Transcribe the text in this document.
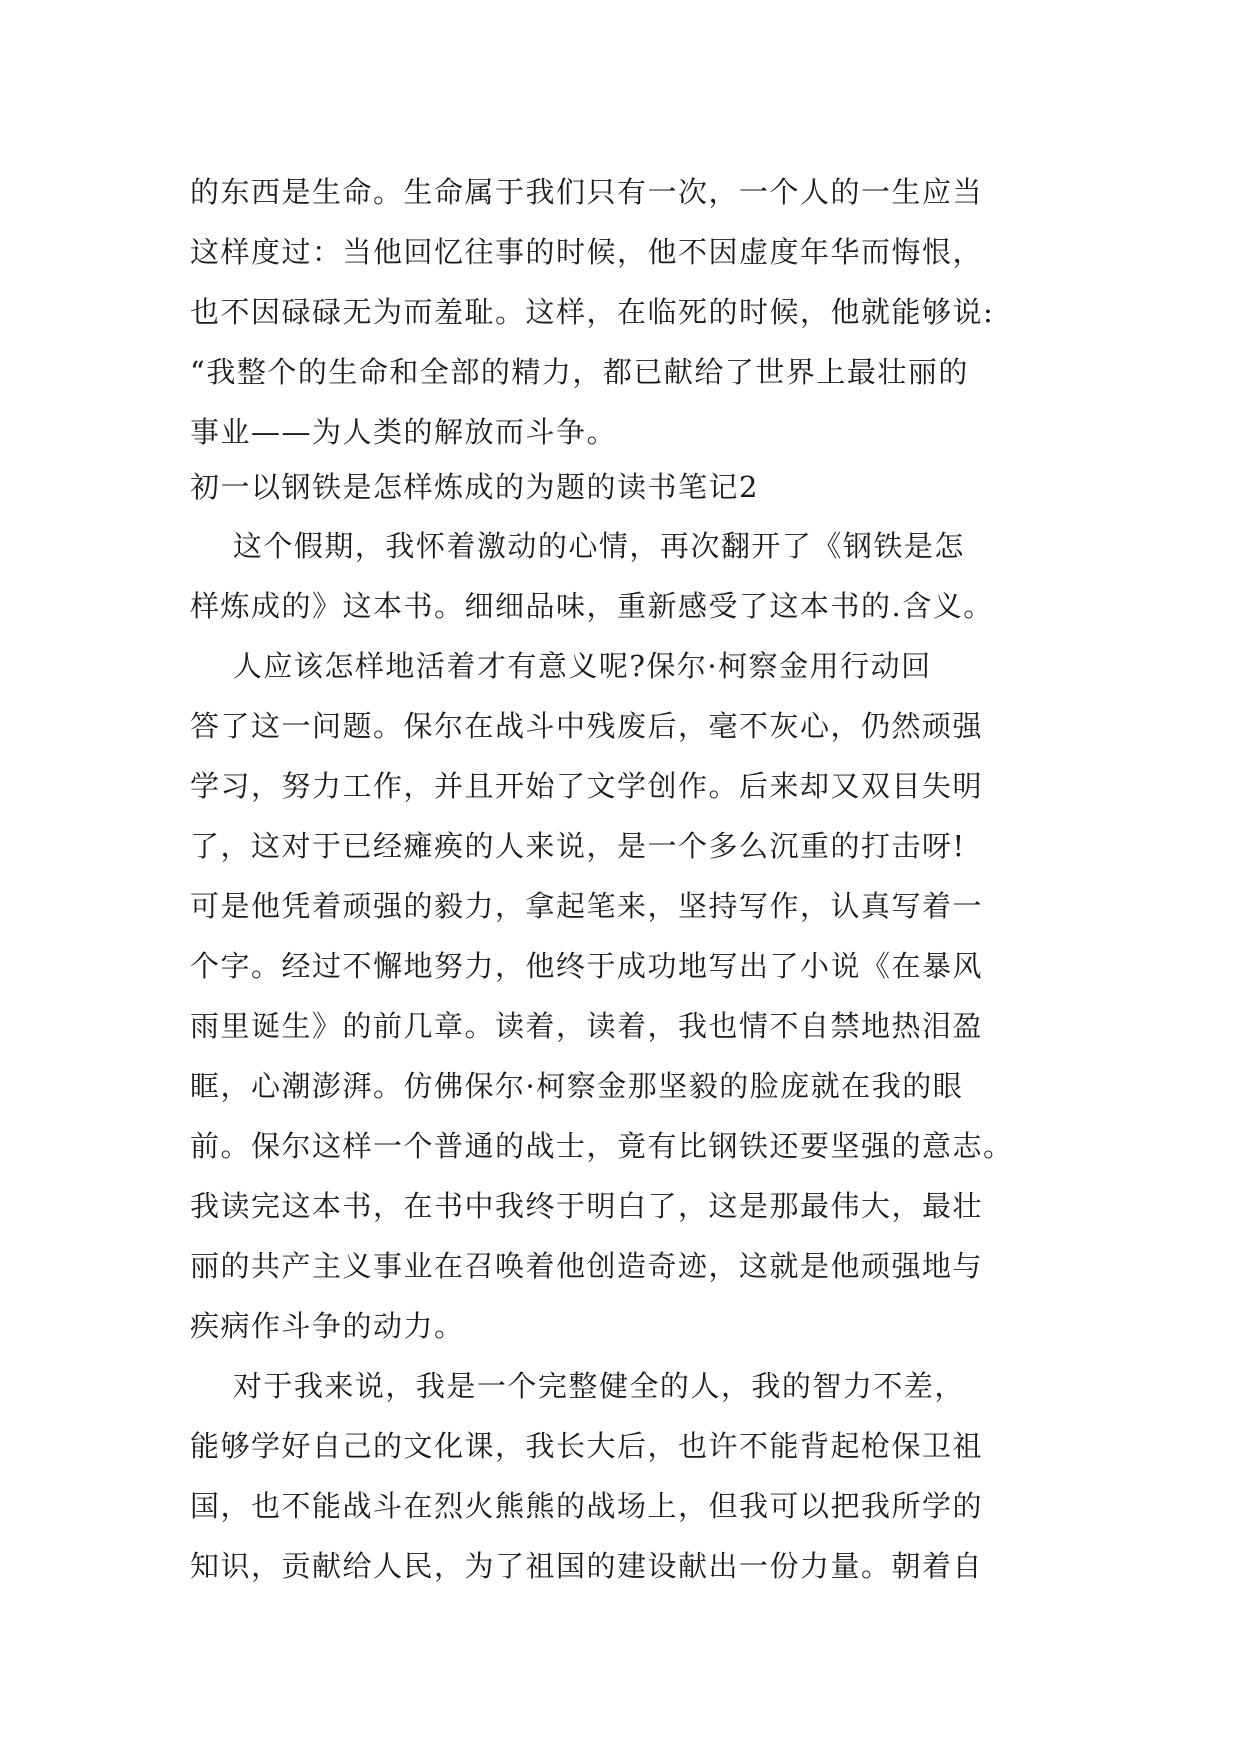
的东西是生命。生命属于我们只有一次，一个人的一生应当
这样度过：当他回忆往事的时候，他不因虚度年华而悔恨，
也不因碌碌无为而羞耻。这样，在临死的时候，他就能够说:
“我整个的生命和全部的精力，都已献给了世界上最壮丽的
事业——为人类的解放而斗争。
初一以钢铁是怎样炼成的为题的读书笔记2
这个假期，我怀着激动的心情，再次翻开了《钢铁是怎
样炼成的》这本书。细细品味，重新感受了这本书的.含义。
人应该怎样地活着才有意义呢?保尔·柯察金用行动回
答了这一问题。保尔在战斗中残废后，毫不灰心，仍然顽强
学习，努力工作，并且开始了文学创作。后来却又双目失明
了，这对于已经瘫痪的人来说，是一个多么沉重的打击呀!
可是他凭着顽强的毅力，拿起笔来，坚持写作，认真写着一
个字。经过不懈地努力，他终于成功地写出了小说《在暴风
雨里诞生》的前几章。读着，读着，我也情不自禁地热泪盈
眶，心潮澎湃。仿佛保尔·柯察金那坚毅的脸庞就在我的眼
前。保尔这样一个普通的战士，竟有比钢铁还要坚强的意志。
我读完这本书，在书中我终于明白了，这是那最伟大，最壮
丽的共产主义事业在召唤着他创造奇迹，这就是他顽强地与
疾病作斗争的动力。
对于我来说，我是一个完整健全的人，我的智力不差，
能够学好自己的文化课，我长大后，也许不能背起枪保卫祖
国，也不能战斗在烈火熊熊的战场上，但我可以把我所学的
知识，贡献给人民，为了祖国的建设献出一份力量。朝着自
